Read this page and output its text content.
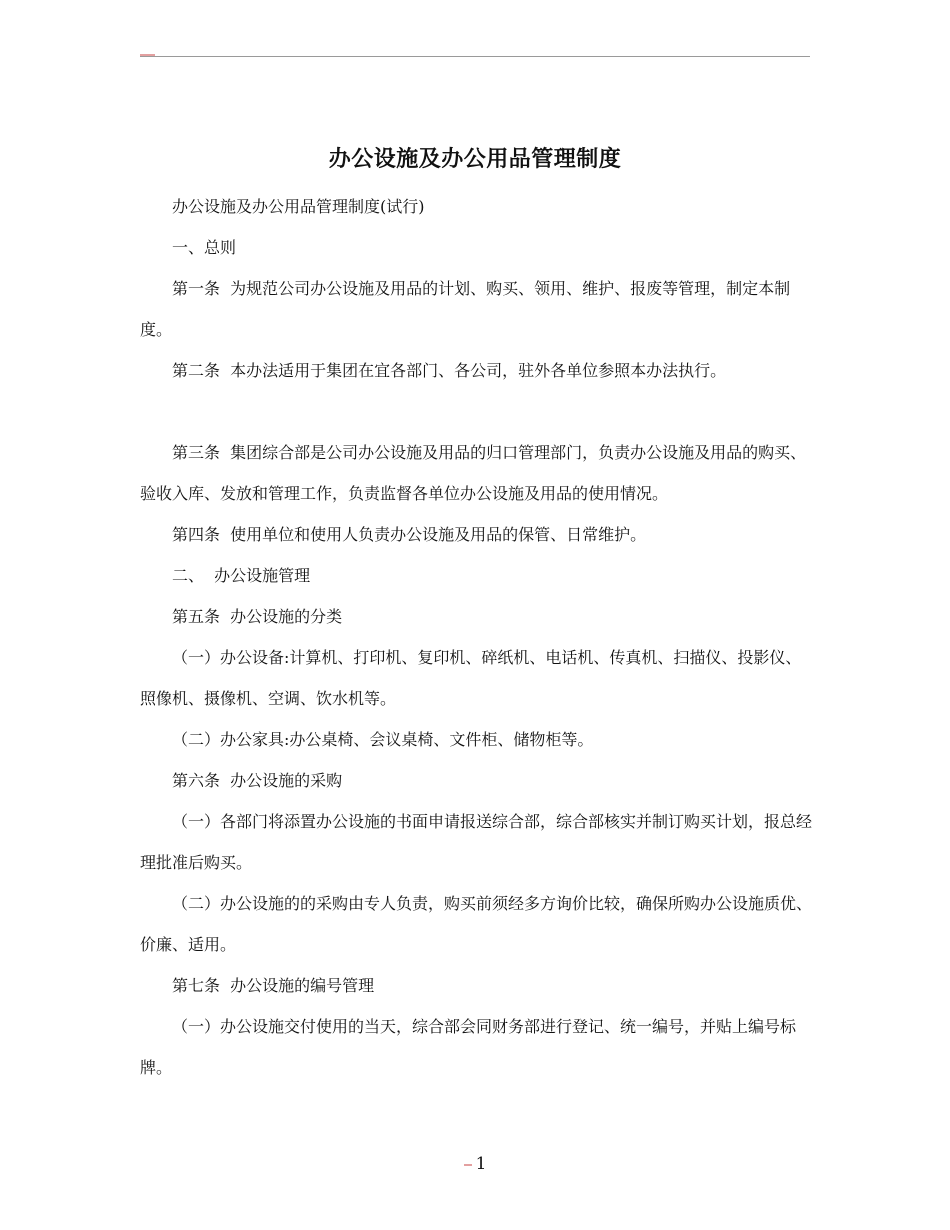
办公设施及办公用品管理制度

办公设施及办公用品管理制度(试行)

一、总则

第一条  为规范公司办公设施及用品的计划、购买、领用、维护、报废等管理，制定本制度。

第二条  本办法适用于集团在宜各部门、各公司，驻外各单位参照本办法执行。

第三条  集团综合部是公司办公设施及用品的归口管理部门，负责办公设施及用品的购买、验收入库、发放和管理工作，负责监督各单位办公设施及用品的使用情况。

第四条  使用单位和使用人负责办公设施及用品的保管、日常维护。

二、  办公设施管理

第五条  办公设施的分类

（一）办公设备:计算机、打印机、复印机、碎纸机、电话机、传真机、扫描仪、投影仪、照像机、摄像机、空调、饮水机等。

（二）办公家具:办公桌椅、会议桌椅、文件柜、储物柜等。

第六条  办公设施的采购

（一）各部门将添置办公设施的书面申请报送综合部，综合部核实并制订购买计划，报总经理批准后购买。

（二）办公设施的的采购由专人负责，购买前须经多方询价比较，确保所购办公设施质优、价廉、适用。

第七条  办公设施的编号管理

（一）办公设施交付使用的当天，综合部会同财务部进行登记、统一编号，并贴上编号标牌。

1
